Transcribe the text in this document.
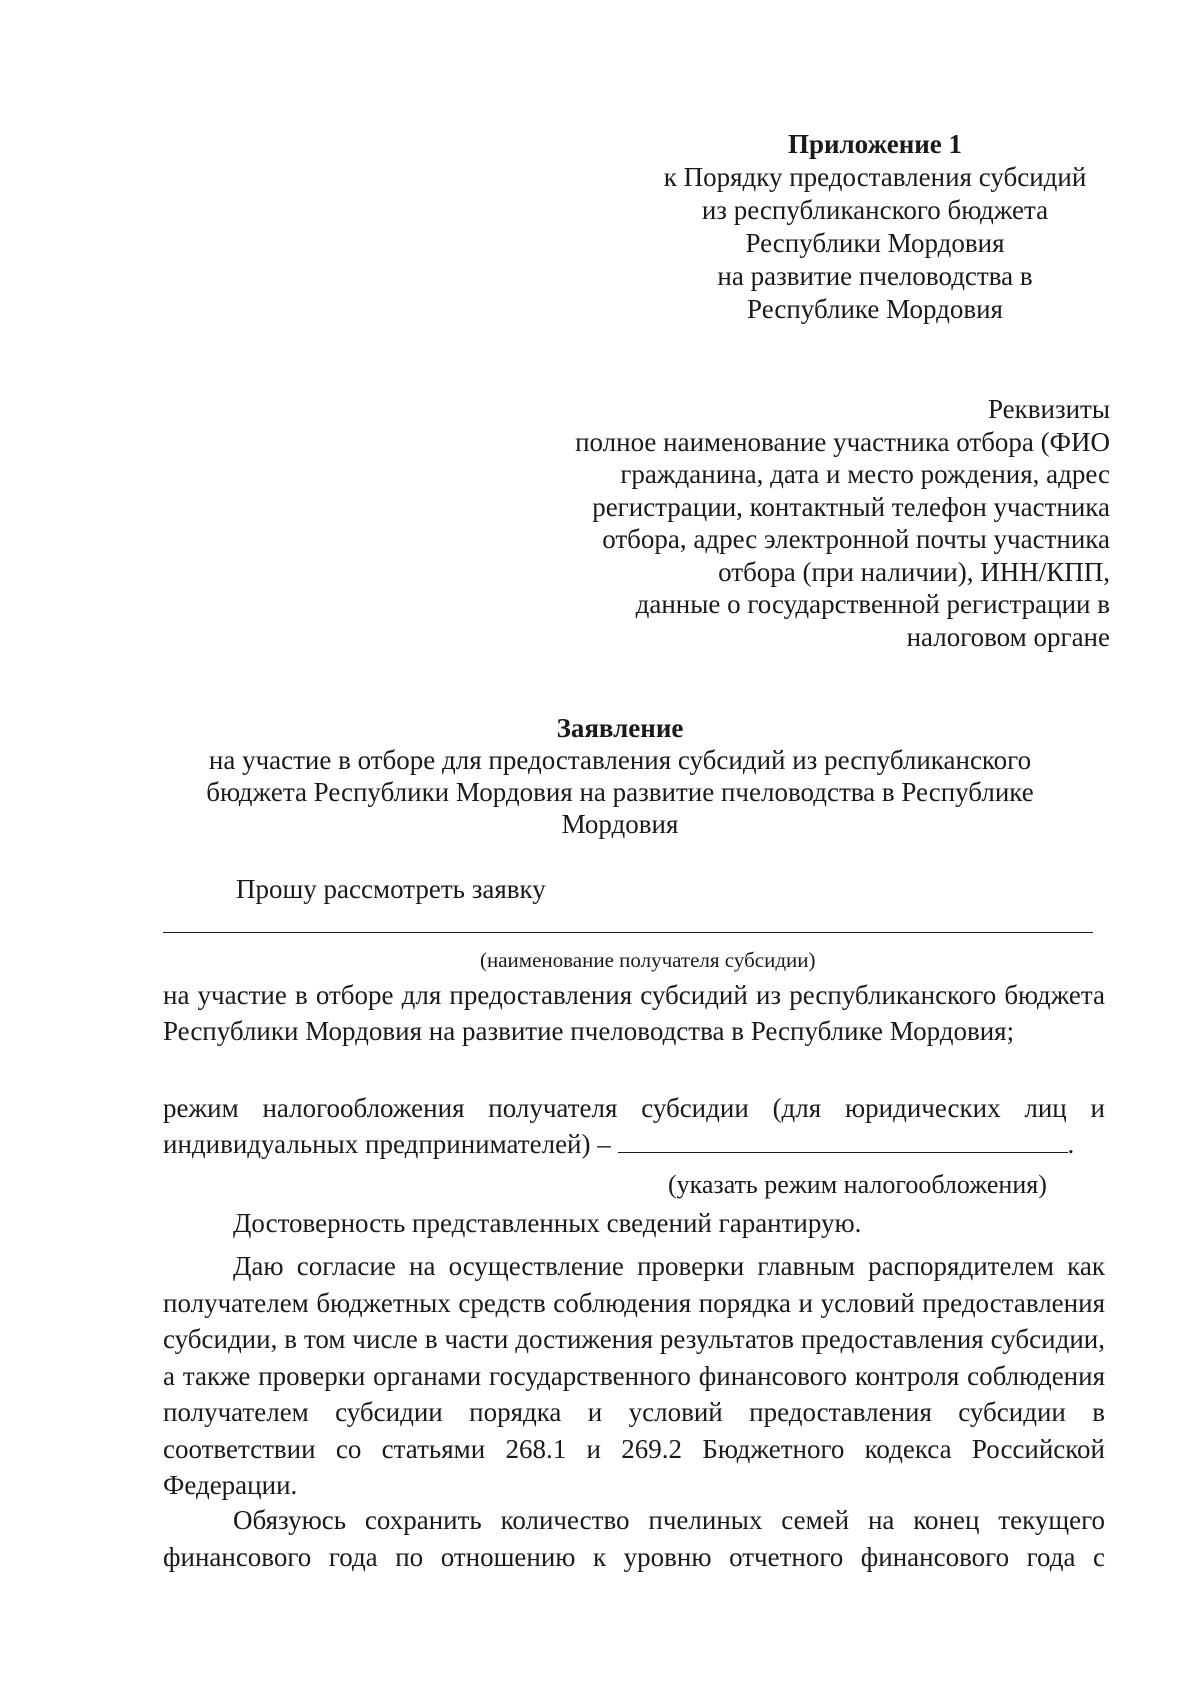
Приложение 1
к Порядку предоставления субсидий
из республиканского бюджета
Республики Мордовия
на развитие пчеловодства в
Республике Мордовия
Реквизиты
полное наименование участника отбора (ФИО
гражданина, дата и место рождения, адрес
регистрации, контактный телефон участника
отбора, адрес электронной почты участника
отбора (при наличии), ИНН/КПП,
данные о государственной регистрации в
налоговом органе
Заявление
на участие в отборе для предоставления субсидий из республиканского
бюджета Республики Мордовия на развитие пчеловодства в Республике
Мордовия
Прошу рассмотреть заявку
(наименование получателя субсидии)
на участие в отборе для предоставления субсидий из республиканского бюджета Республики Мордовия на развитие пчеловодства в Республике Мордовия;
режим налогообложения получателя субсидии (для юридических лиц и индивидуальных предпринимателей) –	.
(указать режим налогообложения)
Достоверность представленных сведений гарантирую.
Даю согласие на осуществление проверки главным распорядителем как получателем бюджетных средств соблюдения порядка и условий предоставления субсидии, в том числе в части достижения результатов предоставления субсидии, а также проверки органами государственного финансового контроля соблюдения получателем субсидии порядка и условий предоставления субсидии в соответствии со статьями 268.1 и 269.2 Бюджетного кодекса Российской Федерации.
Обязуюсь сохранить количество пчелиных семей на конец текущего финансового года по отношению к уровню отчетного финансового года с
